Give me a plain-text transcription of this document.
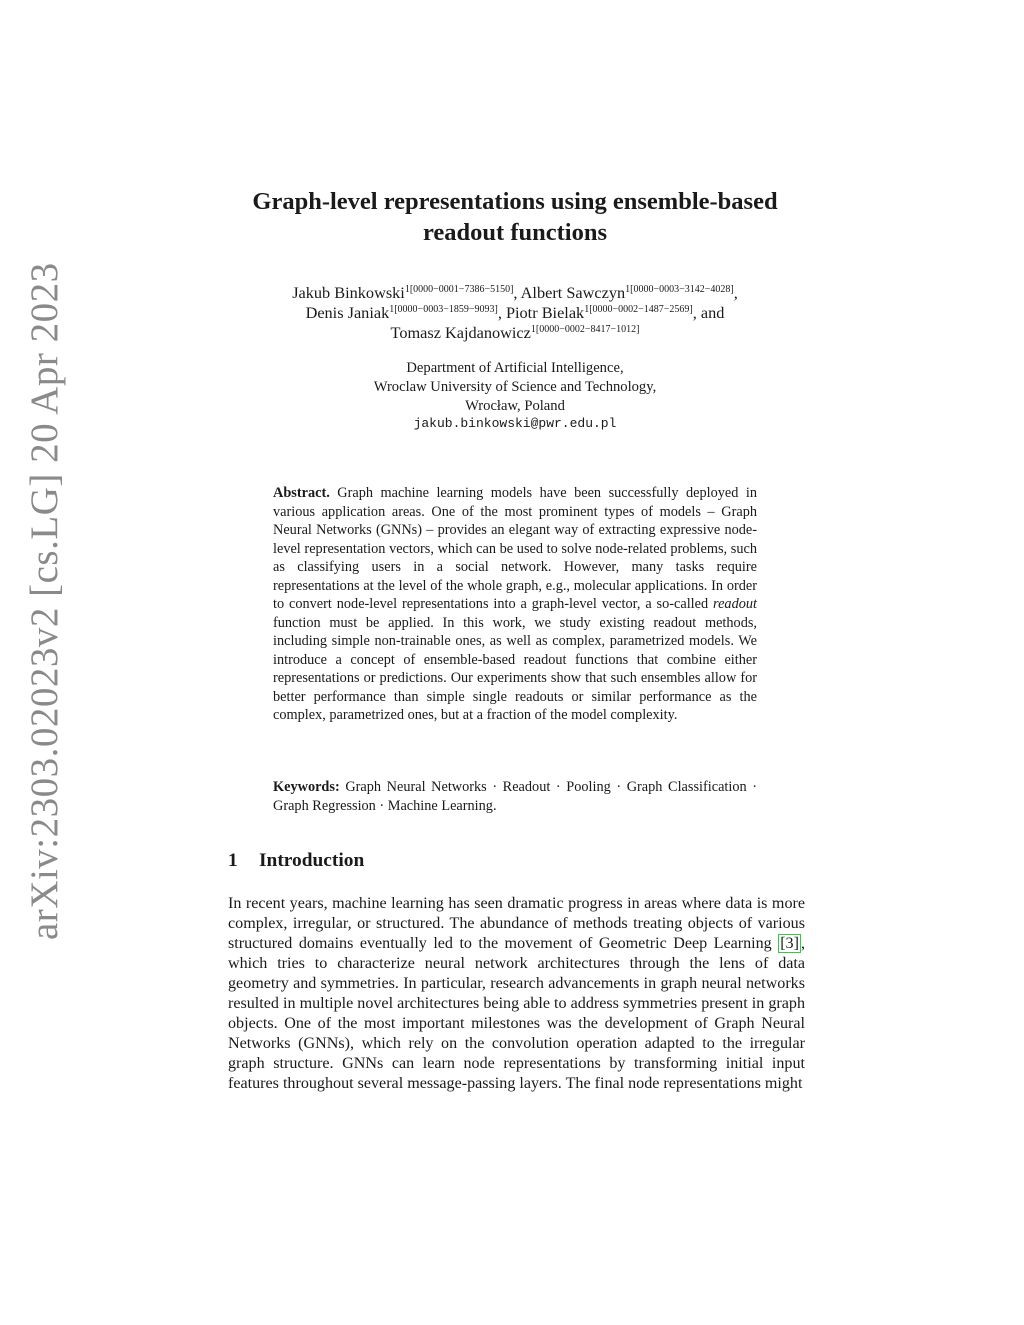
arXiv:2303.02023v2 [cs.LG] 20 Apr 2023
Graph-level representations using ensemble-based
readout functions
Jakub Binkowski$^{1[0000-0001-7386-5150]}$, Albert Sawczyn$^{1[0000-0003-3142-4028]}$,
Denis Janiak$^{1[0000-0003-1859-9093]}$, Piotr Bielak$^{1[0000-0002-1487-2569]}$, and
Tomasz Kajdanowicz$^{1[0000-0002-8417-1012]}$
Department of Artificial Intelligence,
Wroclaw University of Science and Technology,
Wrocław, Poland
jakub.binkowski@pwr.edu.pl
Abstract. Graph machine learning models have been successfully deployed in various application areas. One of the most prominent types of models – Graph Neural Networks (GNNs) – provides an elegant way of extracting expressive node-level representation vectors, which can be used to solve node-related problems, such as classifying users in a social network. However, many tasks require representations at the level of the whole graph, e.g., molecular applications. In order to convert node-level representations into a graph-level vector, a so-called readout function must be applied. In this work, we study existing readout methods, including simple non-trainable ones, as well as complex, parametrized models. We introduce a concept of ensemble-based readout functions that combine either representations or predictions. Our experiments show that such ensembles allow for better performance than simple single readouts or similar performance as the complex, parametrized ones, but at a fraction of the model complexity.
Keywords: Graph Neural Networks · Readout · Pooling · Graph Classification · Graph Regression · Machine Learning.
1 Introduction
In recent years, machine learning has seen dramatic progress in areas where data is more complex, irregular, or structured. The abundance of methods treating objects of various structured domains eventually led to the movement of Geometric Deep Learning [3] , which tries to characterize neural network architectures through the lens of data geometry and symmetries. In particular, research advancements in graph neural networks resulted in multiple novel architectures being able to address symmetries present in graph objects. One of the most important milestones was the development of Graph Neural Networks (GNNs), which rely on the convolution operation adapted to the irregular graph structure. GNNs can learn node representations by transforming initial input features throughout several message-passing layers. The final node representations might
